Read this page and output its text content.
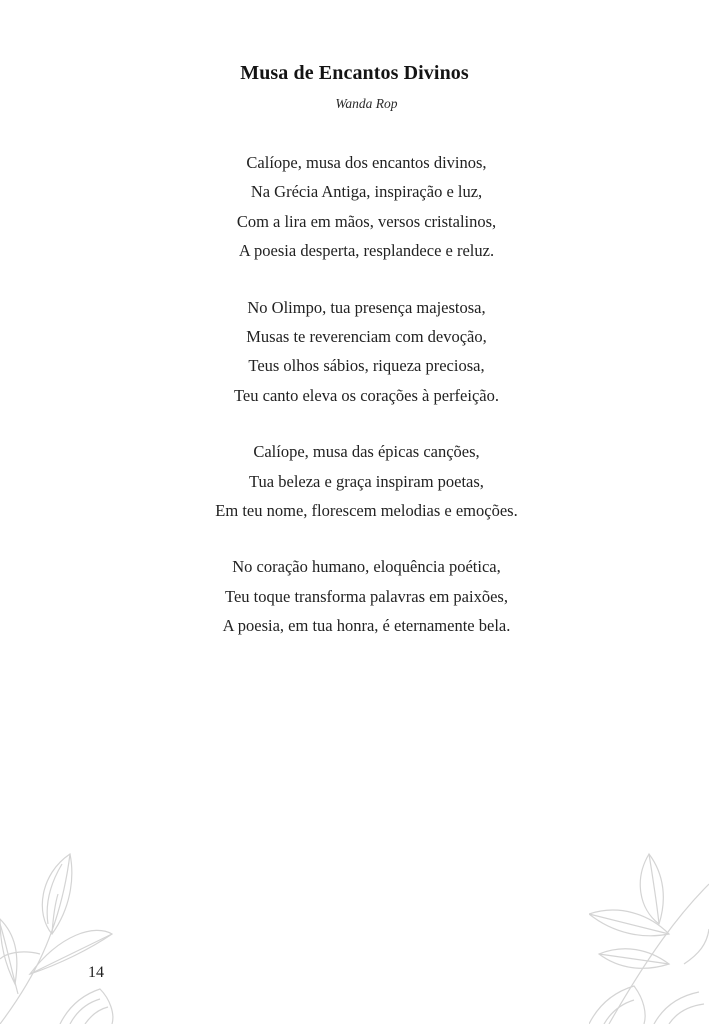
Musa de Encantos Divinos
Wanda Rop
Calíope, musa dos encantos divinos,
Na Grécia Antiga, inspiração e luz,
Com a lira em mãos, versos cristalinos,
A poesia desperta, resplandece e reluz.
No Olimpo, tua presença majestosa,
Musas te reverenciam com devoção,
Teus olhos sábios, riqueza preciosa,
Teu canto eleva os corações à perfeição.
Calíope, musa das épicas canções,
Tua beleza e graça inspiram poetas,
Em teu nome, florescem melodias e emoções.
No coração humano, eloquência poética,
Teu toque transforma palavras em paixões,
A poesia, em tua honra, é eternamente bela.
14
